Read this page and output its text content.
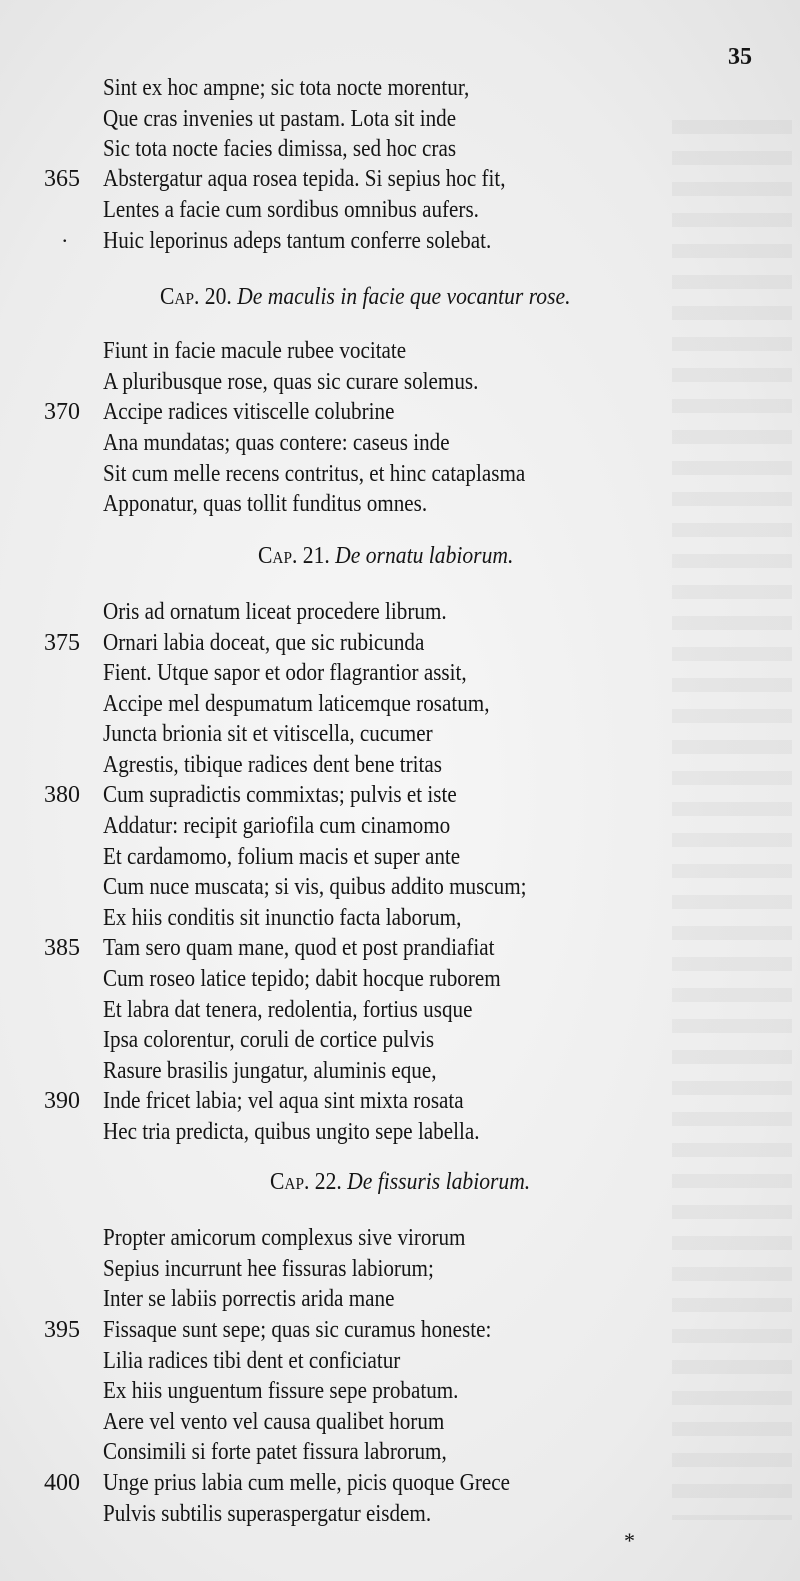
35
Sint ex hoc ampne; sic tota nocte morentur,
Que cras invenies ut pastam. Lota sit inde
Sic tota nocte facies dimissa, sed hoc cras
365 Abstergatur aqua rosea tepida. Si sepius hoc fit,
Lentes a facie cum sordibus omnibus aufers.
. Huic leporinus adeps tantum conferre solebat.
Cap. 20. De maculis in facie que vocantur rose.
Fiunt in facie macule rubee vocitate
A pluribusque rose, quas sic curare solemus.
370 Accipe radices vitiscelle colubrine
Ana mundatas; quas contere: caseus inde
Sit cum melle recens contritus, et hinc cataplasma
Apponatur, quas tollit funditus omnes.
Cap. 21. De ornatu labiorum.
Oris ad ornatum liceat procedere librum.
375 Ornari labia doceat, que sic rubicunda
Fient. Utque sapor et odor flagrantior assit,
Accipe mel despumatum laticemque rosatum,
Juncta brionia sit et vitiscella, cucumer
Agrestis, tibique radices dent bene tritas
380 Cum supradictis commixtas; pulvis et iste
Addatur: recipit gariofila cum cinamomo
Et cardamomo, folium macis et super ante
Cum nuce muscata; si vis, quibus addito muscum;
Ex hiis conditis sit inunctio facta laborum,
385 Tam sero quam mane, quod et post prandiafiat
Cum roseo latice tepido; dabit hocque ruborem
Et labra dat tenera, redolentia, fortius usque
Ipsa colorentur, coruli de cortice pulvis
Rasure brasilis jungatur, aluminis eque,
390 Inde fricet labia; vel aqua sint mixta rosata
Hec tria predicta, quibus ungito sepe labella.
Cap. 22. De fissuris labiorum.
Propter amicorum complexus sive virorum
Sepius incurrunt hee fissuras labiorum;
Inter se labiis porrectis arida mane
395 Fissaque sunt sepe; quas sic curamus honeste:
Lilia radices tibi dent et conficiatur
Ex hiis unguentum fissure sepe probatum.
Aere vel vento vel causa qualibet horum
Consimili si forte patet fissura labrorum,
400 Unge prius labia cum melle, picis quoque Grece
Pulvis subtilis superaspergatur eisdem.
*
